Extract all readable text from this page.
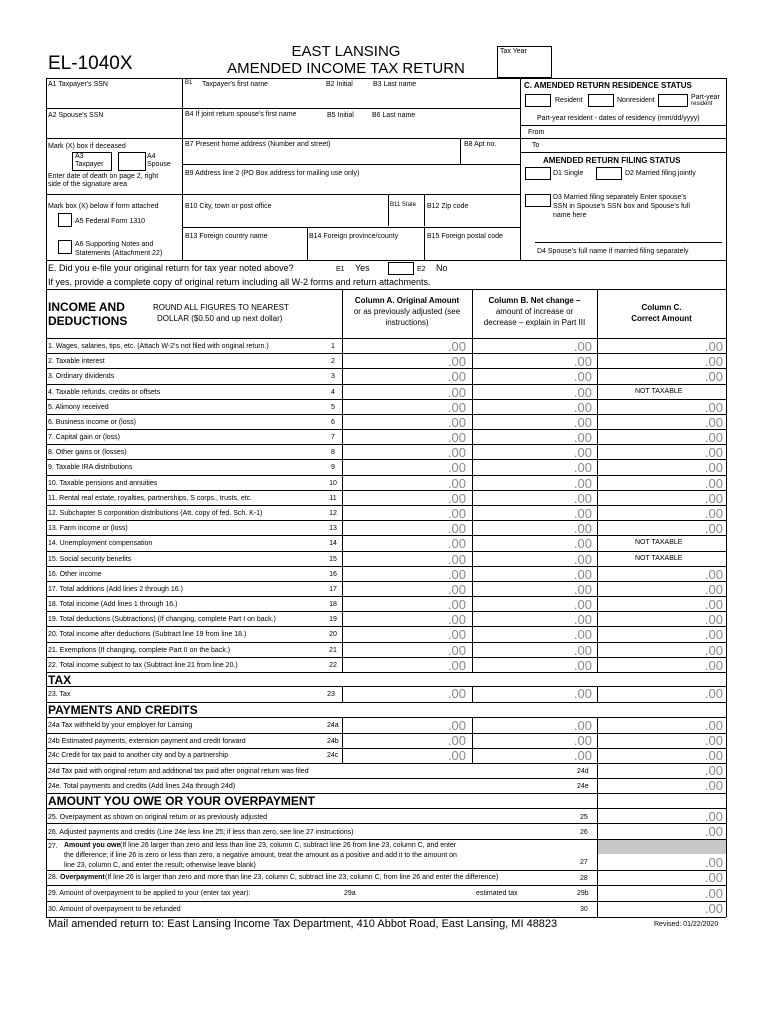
EL-1040X
EAST LANSING
AMENDED INCOME TAX RETURN
Tax Year
A1 Taxpayer's SSN	B1 Taxpayer's first name	B2 Initial	B3 Last name
A2 Spouse's SSN	B4 If joint return spouse's first name	B5 Initial	B6 Last name
Mark (X) box if deceased
A3
Taxpayer
A4
Spouse
Enter date of death on page 2, right
side of the signature area
B7 Present home address (Number and street)	B8 Apt no.
B9 Address line 2 (PO Box address for mailing use only)
Mark box (X) below if form attached
A5 Federal Form 1310
B10 City, town or post office	B11 State B12 Zip code
B13 Foreign country name	B14 Foreign province/county	B15 Foreign postal code
A6 Supporting Notes and
Statements (Attachment 22)
C. AMENDED RETURN RESIDENCE STATUS
Resident	Nonresident	Part-year
resident
Part-year resident - dates of residency (mm/dd/yyyy)
From
To
AMENDED RETURN FILING STATUS
D1 Single	D2 Married filing jointly
D3 Married filing separately Enter spouse's
SSN in Spouse's SSN box and Spouse's full
name here
D4 Spouse's full name if married filing separately
E. Did you e-file your original return for tax year noted above?	E1 Yes	E2 No
If yes, provide a complete copy of original return including all W-2 forms and return attachments.
INCOME AND
DEDUCTIONS
ROUND ALL FIGURES TO NEAREST
DOLLAR ($0.50 and up next dollar)
Column A. Original Amount
or as previously adjusted (see
instructions)
Column B. Net change –
amount of increase or
decrease – explain in Part III
Column C.
Correct Amount
1. Wages, salaries, tips, etc. (Attach W-2's not filed with original return.)	1	.00	.00	.00
2. Taxable interest	2	.00	.00	.00
3. Ordinary dividends	3	.00	.00	.00
4. Taxable refunds, credits or offsets	4	.00	.00	NOT TAXABLE
5. Alimony received	5	.00	.00	.00
6. Business income or (loss)	6	.00	.00	.00
7. Capital gain or (loss)	7	.00	.00	.00
8. Other gains or (losses)	8	.00	.00	.00
9. Taxable IRA distributions	9	.00	.00	.00
10. Taxable pensions and annuities	10	.00	.00	.00
11. Rental real estate, royalties, partnerships, S corps., trusts, etc.	11	.00	.00	.00
12. Subchapter S corporation distributions (Att. copy of fed. Sch. K-1)	12	.00	.00	.00
13. Farm income or (loss)	13	.00	.00	.00
14. Unemployment compensation	14	.00	.00	NOT TAXABLE
15. Social security benefits	15	.00	.00	NOT TAXABLE
16. Other income	16	.00	.00	.00
17. Total additions (Add lines 2 through 16.)	17	.00	.00	.00
18. Total income (Add lines 1 through 16.)	18	.00	.00	.00
19. Total deductions (Subtractions) (If changing, complete Part I on back.)	19	.00	.00	.00
20. Total income after deductions (Subtract line 19 from line 18.)	20	.00	.00	.00
21. Exemptions (If changing, complete Part II on the back.)	21	.00	.00	.00
22. Total income subject to tax (Subtract line 21 from line 20.)	22	.00	.00	.00
TAX
23. Tax	23	.00	.00	.00
PAYMENTS AND CREDITS
24a Tax withheld by your employer for Lansing	24a	.00	.00	.00
24b Estimated payments, extension payment and credit forward	24b	.00	.00	.00
24c Credit for tax paid to another city and by a partnership	24c	.00	.00	.00
24d Tax paid with original return and additional tax paid after original return was filed	24d	.00
24e. Total payments and credits (Add lines 24a through 24d)	24e	.00
AMOUNT YOU OWE OR YOUR OVERPAYMENT
25. Overpayment as shown on original return or as previously adjusted	25	.00
26. Adjusted payments and credits (Line 24e less line 25; if less than zero, see line 27 instructions)	26	.00
27. Amount you owe (If line 26 larger than zero and less than line 23, column C, subtract line 26 from line 23, column C, and enter
the difference; if line 26 is zero or less than zero, a negative amount, treat the amount as a positive and add it to the amount on
line 23, column C, and enter the result; otherwise leave blank)	27	.00
28. Overpayment (If line 26 is larger than zero and more than line 23, column C, subtract line 23, column C, from line 26 and enter the difference)	28	.00
29. Amount of overpayment to be applied to your (enter tax year):	29a	estimated tax	29b	.00
30. Amount of overpayment to be refunded	30	.00
Mail amended return to: East Lansing Income Tax Department, 410 Abbot Road, East Lansing, MI 48823	Revised: 01/22/2020
